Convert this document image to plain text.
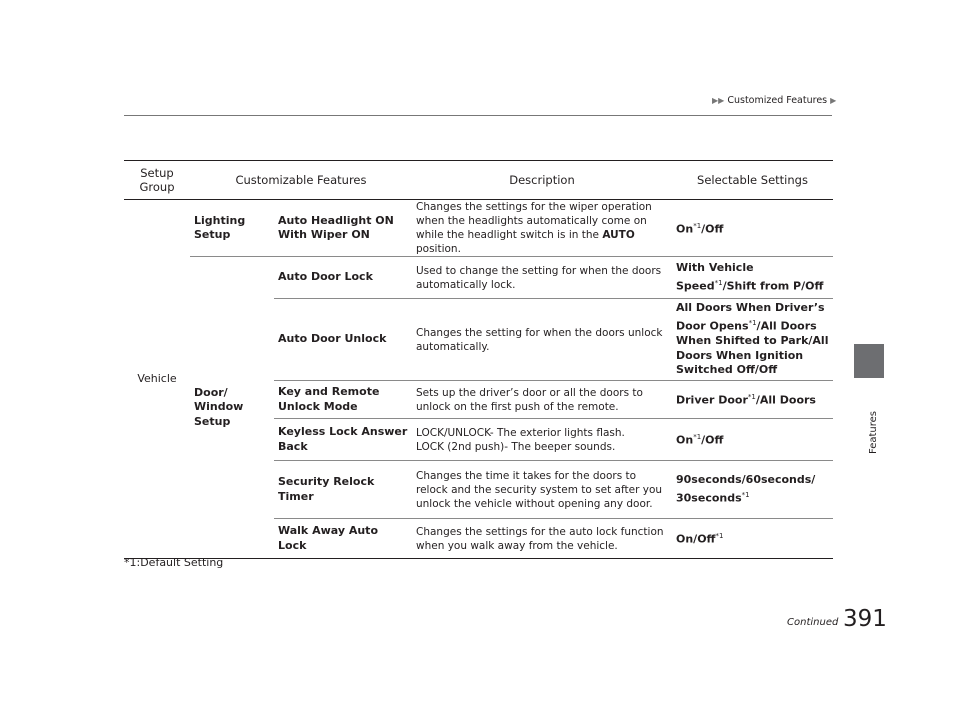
▶▶ Customized Features ▶
Features
Setup Group	Customizable Features		Description	Selectable Settings
Vehicle	Lighting Setup	Auto Headlight ON With Wiper ON	Changes the settings for the wiper operation when the headlights automatically come on while the headlight switch is in the AUTO position.	On$^{*1}$/Off
	Door/ Window Setup	Auto Door Lock	Used to change the setting for when the doors automatically lock.	With Vehicle Speed$^{*1}$/Shift from P/Off
		Auto Door Unlock	Changes the setting for when the doors unlock automatically.	All Doors When Driver’s Door Opens$^{*1}$/All Doors When Shifted to Park/All Doors When Ignition Switched Off/Off
		Key and Remote Unlock Mode	Sets up the driver’s door or all the doors to unlock on the first push of the remote.	Driver Door$^{*1}$/All Doors
		Keyless Lock Answer Back	LOCK/UNLOCK- The exterior lights flash.
LOCK (2nd push)- The beeper sounds.	On$^{*1}$/Off
		Security Relock Timer	Changes the time it takes for the doors to relock and the security system to set after you unlock the vehicle without opening any door.	90seconds/60seconds/ 30seconds$^{*1}$
		Walk Away Auto Lock	Changes the settings for the auto lock function when you walk away from the vehicle.	On/Off$^{*1}$
*1:Default Setting
Continued 391
